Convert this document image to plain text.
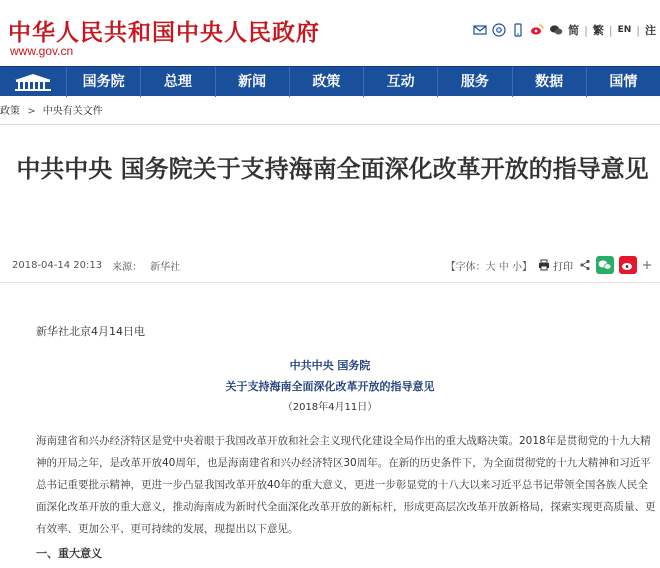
中华人民共和国中央人民政府
www.gov.cn
简 | 繁 | EN | 注
国务院	总理	新闻	政策	互动	服务	数据	国情
政策 > 中央有关文件
中共中央 国务院关于支持海南全面深化改革开放的指导意见
2018-04-14 20:13 来源： 新华社	【字体：大 中 小】 打印

新华社北京4月14日电

中共中央 国务院

关于支持海南全面深化改革开放的指导意见

（2018年4月11日）

海南建省和兴办经济特区是党中央着眼于我国改革开放和社会主义现代化建设全局作出的重大战略决策。2018年是贯彻党的十九大精神的开局之年，是改革开放40周年，也是海南建省和兴办经济特区30周年。在新的历史条件下，为全面贯彻党的十九大精神和习近平总书记重要批示精神，更进一步凸显我国改革开放40年的重大意义，更进一步彰显党的十八大以来习近平总书记带领全国各族人民全面深化改革开放的重大意义，推动海南成为新时代全面深化改革开放的新标杆，形成更高层次改革开放新格局，探索实现更高质量、更有效率、更加公平、更可持续的发展，现提出以下意见。

一、重大意义
